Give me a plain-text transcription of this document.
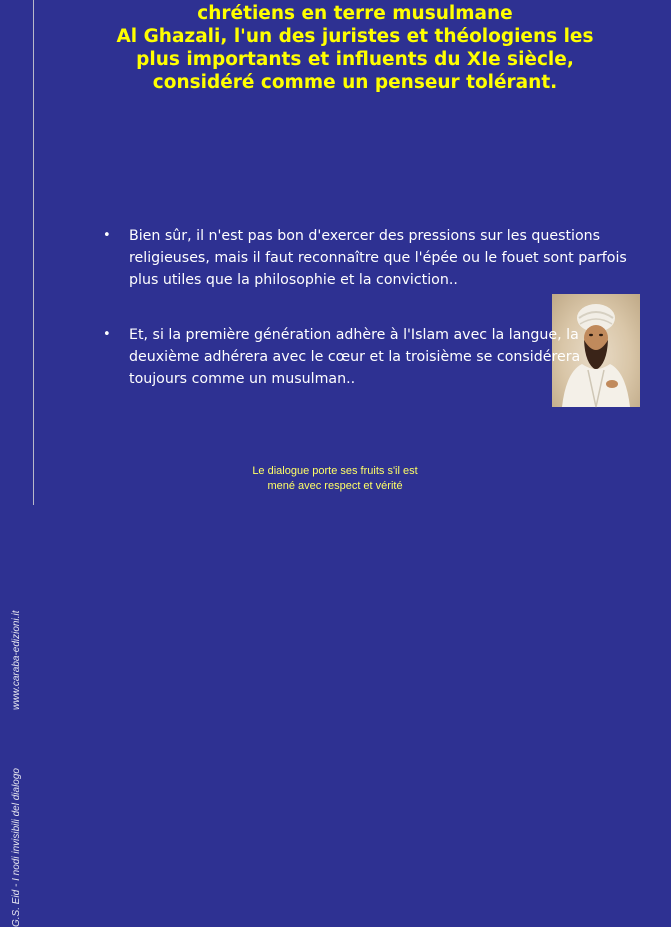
G.S. Eid - I nodi invisibili del dialogowww.caraba-edizioni.it
chrétiens en terre musulmane
Al Ghazali, l'un des juristes et théologiens les
plus importants et influents du XIe siècle,
considéré comme un penseur tolérant.
• Bien sûr, il n'est pas bon d'exercer des pressions sur les questions religieuses, mais il faut reconnaître que l'épée ou le fouet sont parfois plus utiles que la philosophie et la conviction..
• Et, si la première génération adhère à l'Islam avec la langue, la deuxième adhérera avec le cœur et la troisième se considérera toujours comme un musulman..
Le dialogue porte ses fruits s'il est
mené avec respect et vérité
